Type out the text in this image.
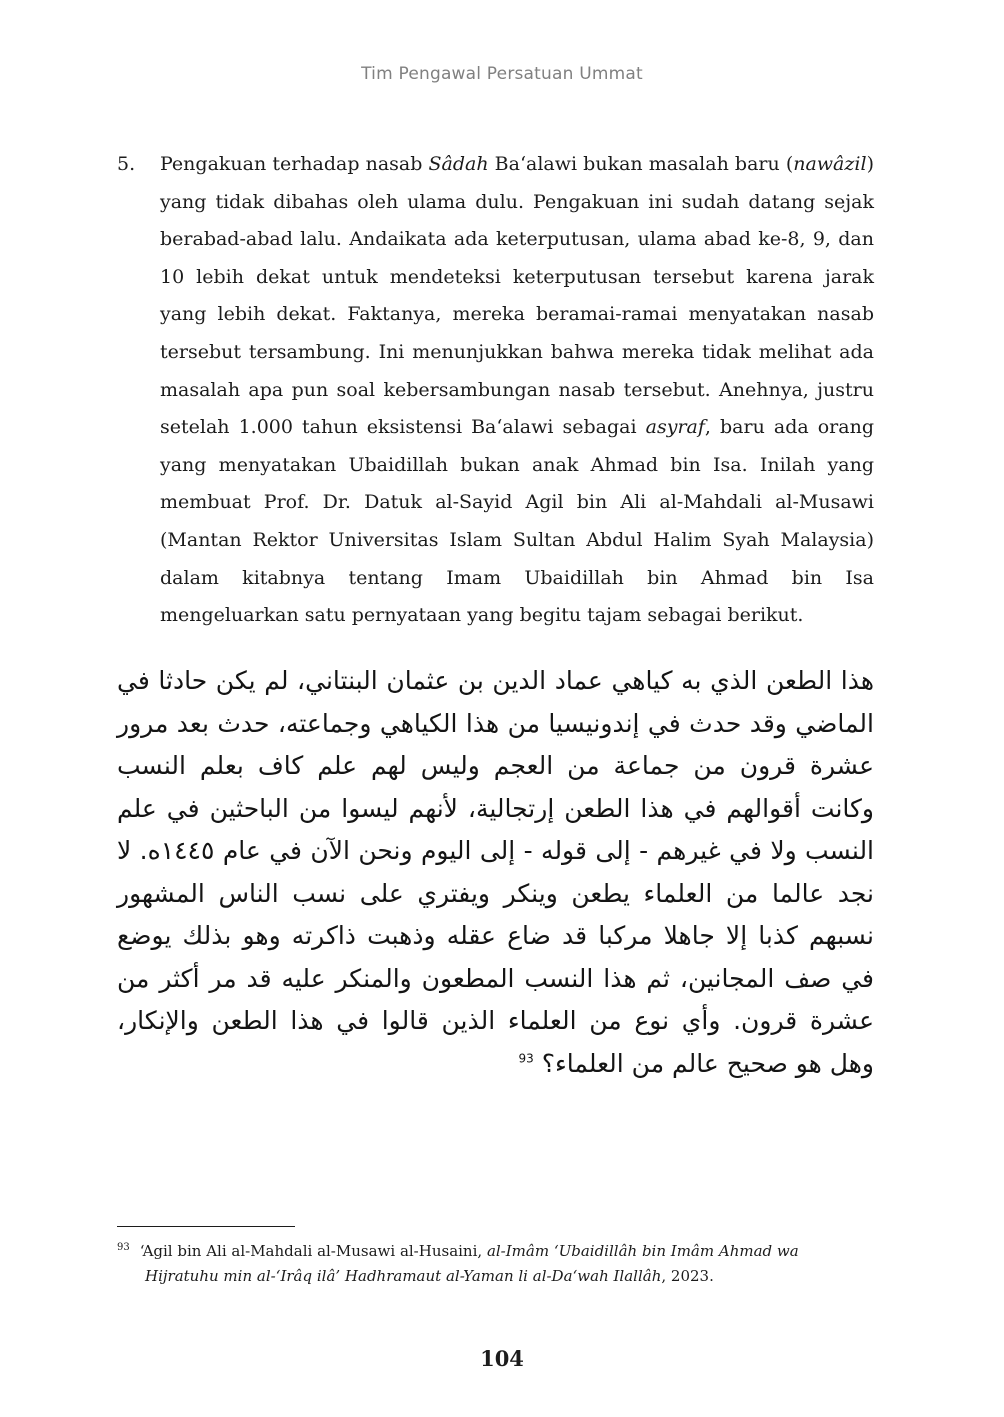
Tim Pengawal Persatuan Ummat
5. Pengakuan terhadap nasab Sâdah Ba‘alawi bukan masalah baru (nawâzil) yang tidak dibahas oleh ulama dulu. Pengakuan ini sudah datang sejak berabad-abad lalu. Andaikata ada keterputusan, ulama abad ke-8, 9, dan 10 lebih dekat untuk mendeteksi keterputusan tersebut karena jarak yang lebih dekat. Faktanya, mereka beramai-ramai menyatakan nasab tersebut tersambung. Ini menunjukkan bahwa mereka tidak melihat ada masalah apa pun soal kebersambungan nasab tersebut. Anehnya, justru setelah 1.000 tahun eksistensi Ba‘alawi sebagai asyraf, baru ada orang yang menyatakan Ubaidillah bukan anak Ahmad bin Isa. Inilah yang membuat Prof. Dr. Datuk al-Sayid Agil bin Ali al-Mahdali al-Musawi (Mantan Rektor Universitas Islam Sultan Abdul Halim Syah Malaysia) dalam kitabnya tentang Imam Ubaidillah bin Ahmad bin Isa mengeluarkan satu pernyataan yang begitu tajam sebagai berikut.
هذا الطعن الذي به كياهي عماد الدين بن عثمان البنتاني، لم يكن حادثا في الماضي وقد حدث في إندونيسيا من هذا الكياهي وجماعته، حدث بعد مرور عشرة قرون من جماعة من العجم وليس لهم علم كاف بعلم النسب وكانت أقوالهم في هذا الطعن إرتجالية، لأنهم ليسوا من الباحثين في علم النسب ولا في غيرهم - إلى قوله - إلى اليوم ونحن الآن في عام ١٤٤٥ه. لا نجد عالما من العلماء يطعن وينكر ويفتري على نسب الناس المشهور نسبهم كذبا إلا جاهلا مركبا قد ضاع عقله وذهبت ذاكرته وهو بذلك يوضع في صف المجانين، ثم هذا النسب المطعون والمنكر عليه قد مر أكثر من عشرة قرون. وأي نوع من العلماء الذين قالوا في هذا الطعن والإنكار، وهل هو صحيح عالم من العلماء؟ $^{93}$
$^{93}$ ‘Agil bin Ali al-Mahdali al-Musawi al-Husaini, al-Imâm ‘Ubaidillâh bin Imâm Ahmad wa
Hijratuhu min al-‘Irâq ilâ’ Hadhramaut al-Yaman li al-Da‘wah Ilallâh, 2023.
104
